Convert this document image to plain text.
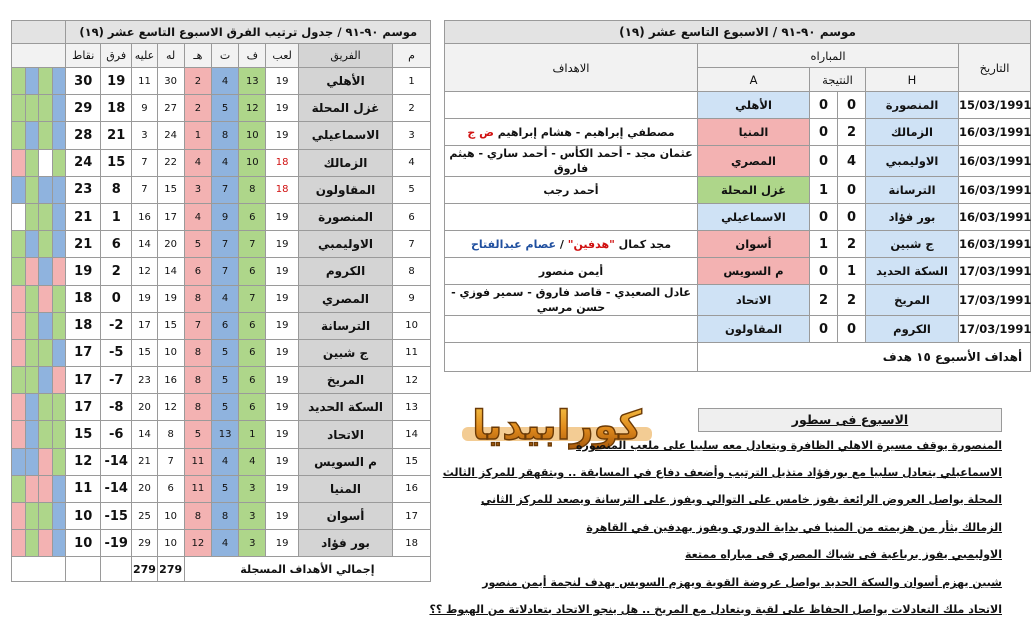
				موسم ٩٠-٩١ / جدول ترتيب الفرق الاسبوع التاسع عشر (١٩)									
				نقاط	فرق	عليه	له	هـ	ت	ف	لعب	الفريق	م
				30	19	11	30	2	4	13	19	الأهلي	1
				29	18	9	27	2	5	12	19	غزل المحلة	2
				28	21	3	24	1	8	10	19	الاسماعيلي	3
				24	15	7	22	4	4	10	18	الزمالك	4
				23	8	7	15	3	7	8	18	المقاولون	5
				21	1	16	17	4	9	6	19	المنصورة	6
				21	6	14	20	5	7	7	19	الاوليمبي	7
				19	2	12	14	6	7	6	19	الكروم	8
				18	0	19	19	8	4	7	19	المصري	9
				18	-2	17	15	7	6	6	19	الترسانة	10
				17	-5	15	10	8	5	6	19	ج شبين	11
				17	-7	23	16	8	5	6	19	المريخ	12
				17	-8	20	12	8	5	6	19	السكة الحديد	13
				15	-6	14	8	5	13	1	19	الاتحاد	14
				12	-14	21	7	11	4	4	19	م السويس	15
				11	-14	20	6	11	5	3	19	المنيا	16
				10	-15	25	10	8	8	3	19	أسوان	17
				10	-19	29	10	12	4	3	19	بور فؤاد	18
						279	279	إجمالي الأهداف المسجلة					
موسم ٩٠-٩١ / الاسبوع التاسع عشر (١٩)					
الاهداف	المباراه				التاريخ
	A	النتيجة		H	
	الأهلي	0	0	المنصورة	15/03/1991
مصطفي إبراهيم - هشام إبراهيم ض ج	المنيا	0	2	الزمالك	16/03/1991
عثمان مجد - أحمد الكأس - أحمد ساري - هيثم فاروق	المصري	0	4	الاوليمبي	16/03/1991
أحمد رجب	غزل المحلة	1	0	الترسانة	16/03/1991
	الاسماعيلي	0	0	بور فؤاد	16/03/1991
مجد كمال "هدفين" / عصام عبدالفتاح	أسوان	1	2	ج شبين	16/03/1991
أيمن منصور	م السويس	0	1	السكة الحديد	17/03/1991
عادل الصعيدي - قاصد فاروق - سمير فوزي - حسن مرسي	الاتحاد	2	2	المريخ	17/03/1991
	المقاولون	0	0	الكروم	17/03/1991
	أهداف الأسبوع ١٥ هدف				
كورابيديا	الاسبوع فى سطور
المنصورة يوقف مسيرة الاهلي الظافرة ويتعادل معه سلبيا على ملعب المنصورة
الاسماعيلي يتعادل سلبيا مع بورفؤاد متذيل الترتيب وأضعف دفاع في المسابقة .. ويتقهقر للمركز الثالث
المحلة يواصل العروض الرائعة بفوز خامس على التوالي ويفوز على الترسانة ويصعد للمركز الثاني
الزمالك يثأر من هزيمته من المنيا في بداية الدوري ويفوز بهدفين في القاهرة
الاوليمبي يفوز برباعية فى شباك المصري فى مباراه ممتعة
شبين يهزم أسوان والسكة الحديد يواصل عروضة القوية ويهزم السويس بهدف لنجمة أيمن منصور
الاتحاد ملك التعادلات يواصل الحفاظ على لقبة ويتعادل مع المريخ .. هل ينجو الاتحاد بتعادلاتة من الهبوط ؟؟
